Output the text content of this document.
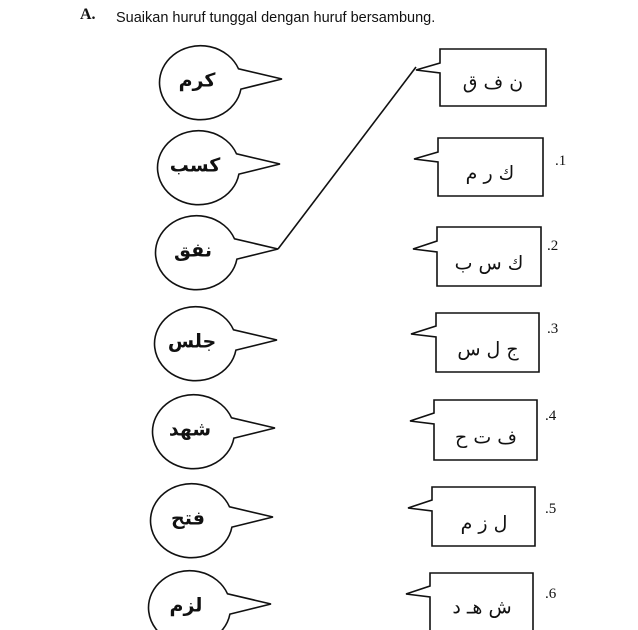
A. Suaikan huruf tunggal dengan huruf bersambung.
كرم
كسب
نفق
جلس
شهد
فتح
لزم
ن ف ق
ك ر م
ك س ب
ج ل س
ف ت ح
ل ز م
ش هـ د
.1
.2
.3
.4
.5
.6
